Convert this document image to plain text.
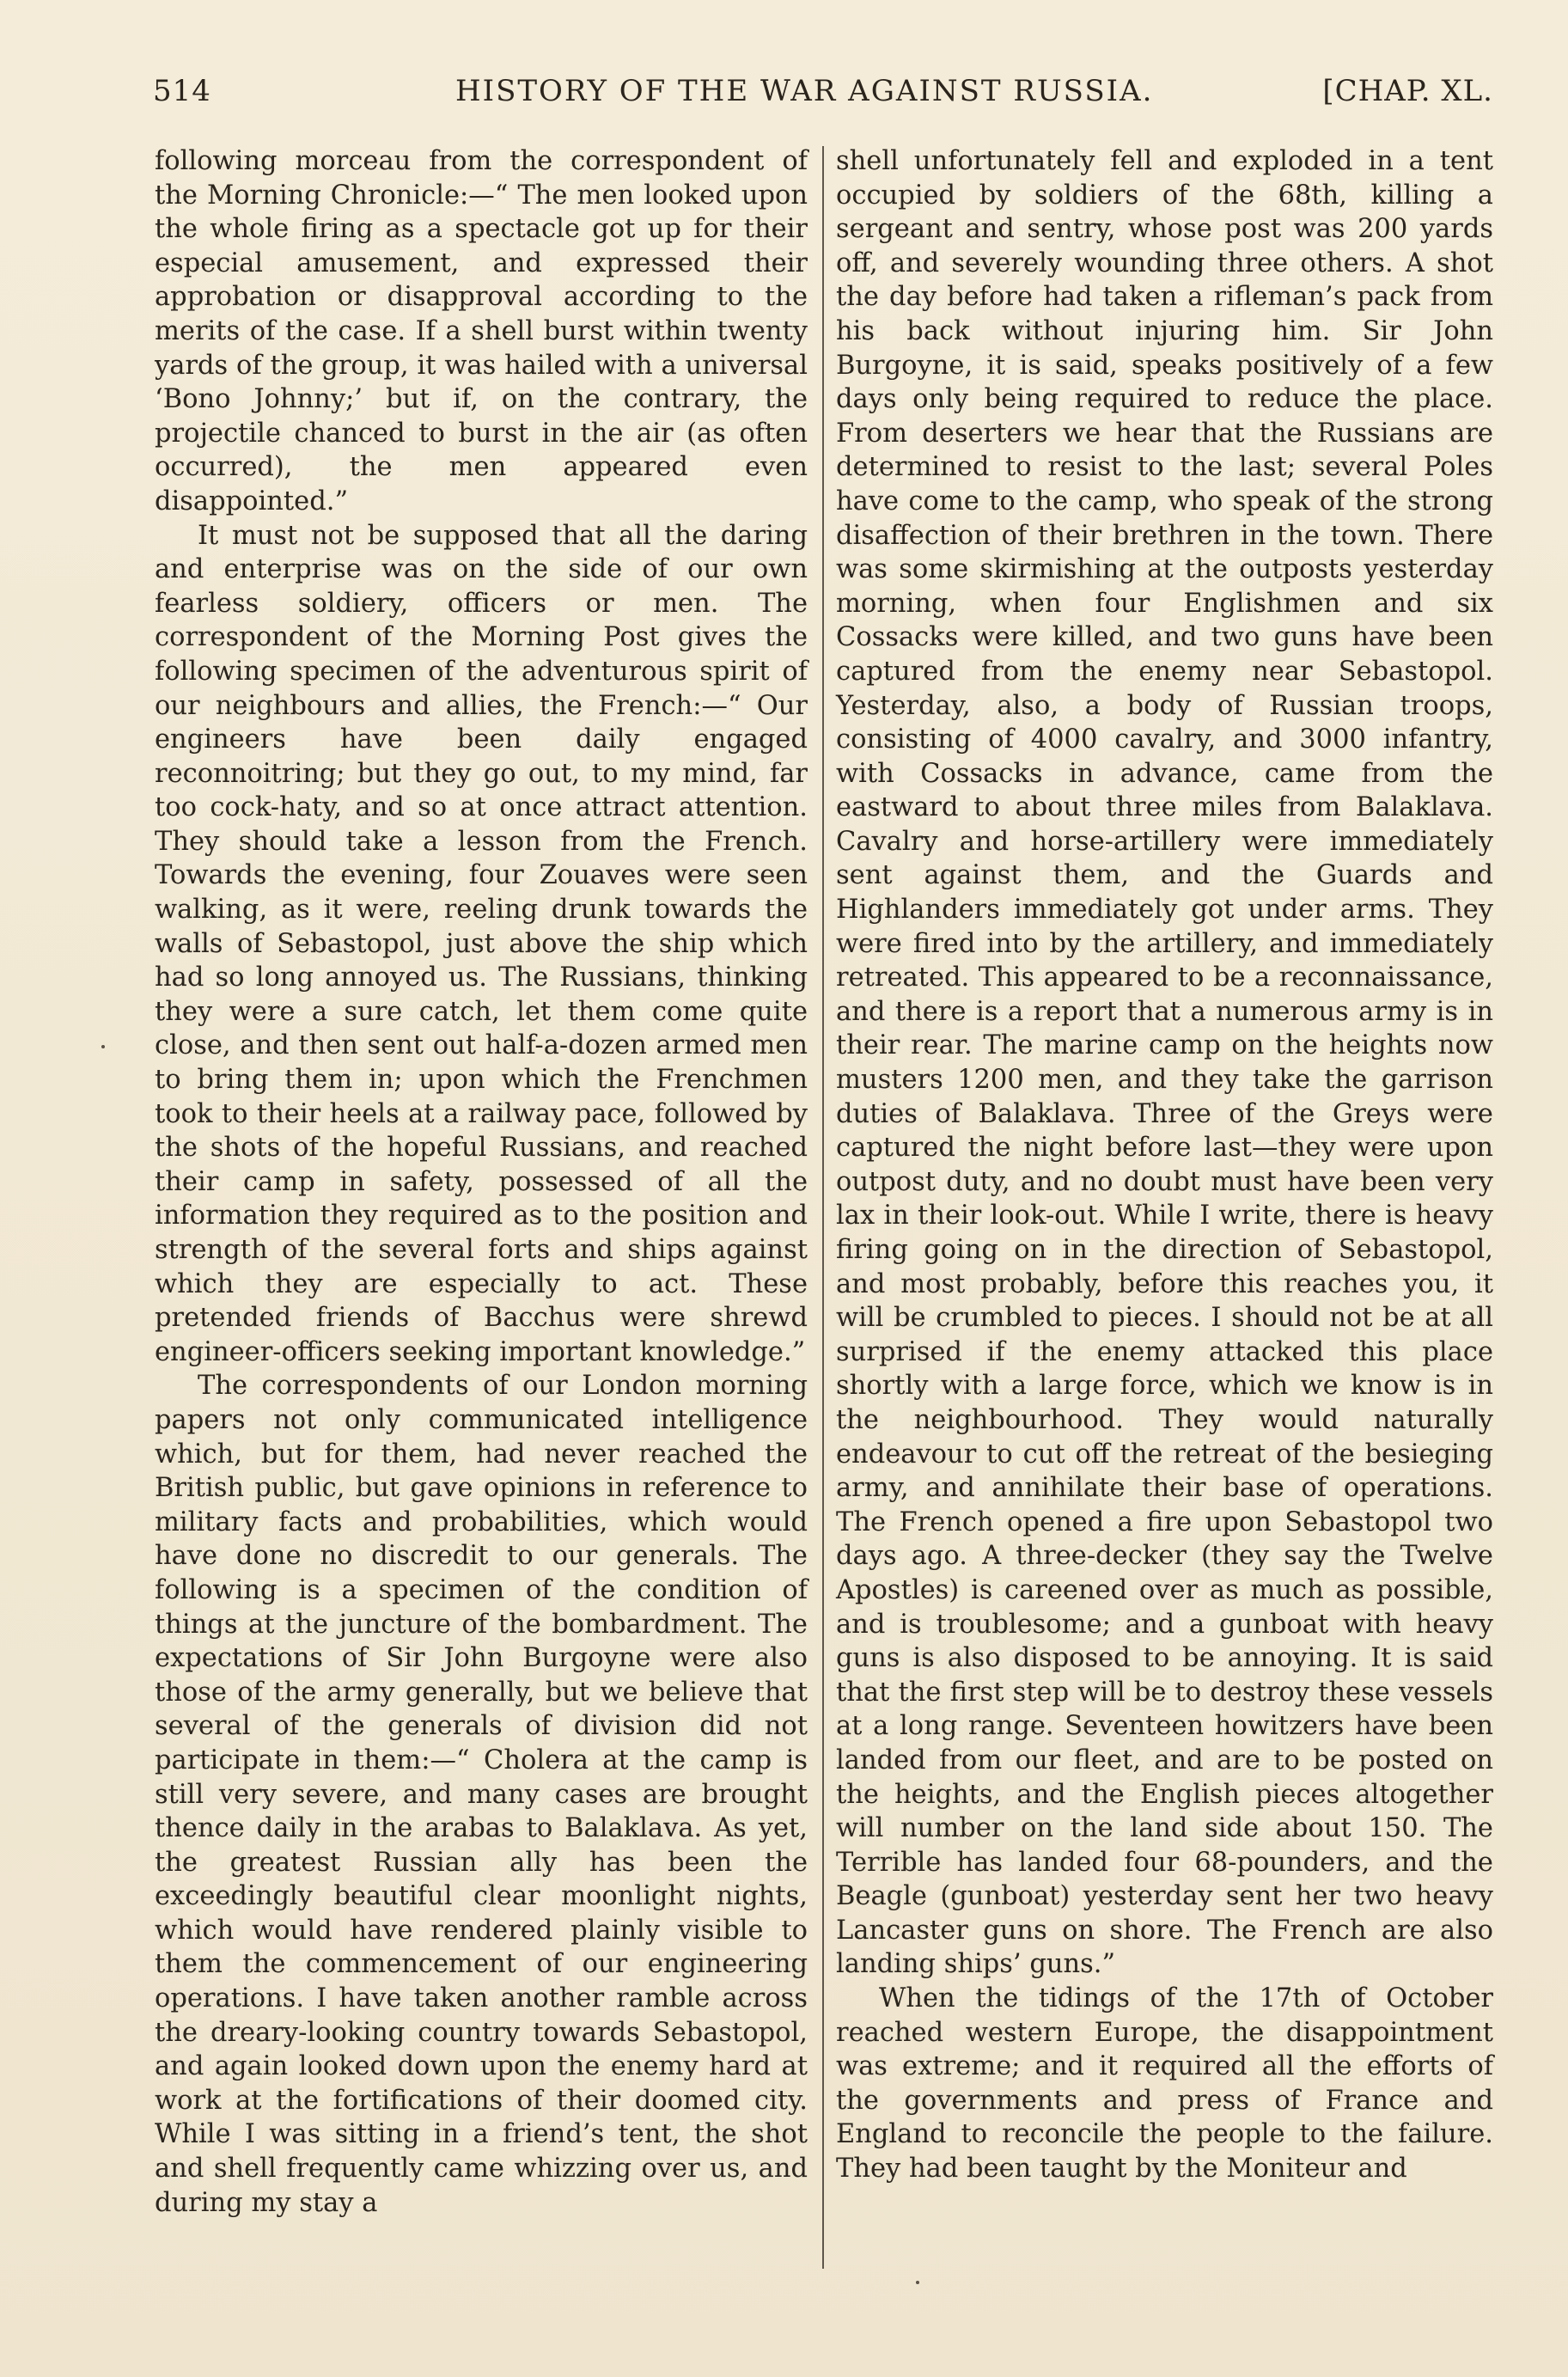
514	HISTORY OF THE WAR AGAINST RUSSIA.	[CHAP. XL.

following morceau from the correspondent of the Morning Chronicle:—“ The men looked upon the whole firing as a spectacle got up for their especial amusement, and expressed their approbation or disapproval according to the merits of the case. If a shell burst within twenty yards of the group, it was hailed with a universal ‘Bono Johnny;’ but if, on the contrary, the projectile chanced to burst in the air (as often occurred), the men appeared even disappointed.”

It must not be supposed that all the daring and enterprise was on the side of our own fearless soldiery, officers or men. The correspondent of the Morning Post gives the following specimen of the adventurous spirit of our neighbours and allies, the French:—“ Our engineers have been daily engaged reconnoitring; but they go out, to my mind, far too cock-haty, and so at once attract attention. They should take a lesson from the French. Towards the evening, four Zouaves were seen walking, as it were, reeling drunk towards the walls of Sebastopol, just above the ship which had so long annoyed us. The Russians, thinking they were a sure catch, let them come quite close, and then sent out half-a-dozen armed men to bring them in; upon which the Frenchmen took to their heels at a railway pace, followed by the shots of the hopeful Russians, and reached their camp in safety, possessed of all the information they required as to the position and strength of the several forts and ships against which they are especially to act. These pretended friends of Bacchus were shrewd engineer-officers seeking important knowledge.”

The correspondents of our London morning papers not only communicated intelligence which, but for them, had never reached the British public, but gave opinions in reference to military facts and probabilities, which would have done no discredit to our generals. The following is a specimen of the condition of things at the juncture of the bombardment. The expectations of Sir John Burgoyne were also those of the army generally, but we believe that several of the generals of division did not participate in them:—“ Cholera at the camp is still very severe, and many cases are brought thence daily in the arabas to Balaklava. As yet, the greatest Russian ally has been the exceedingly beautiful clear moonlight nights, which would have rendered plainly visible to them the commencement of our engineering operations. I have taken another ramble across the dreary-looking country towards Sebastopol, and again looked down upon the enemy hard at work at the fortifications of their doomed city. While I was sitting in a friend’s tent, the shot and shell frequently came whizzing over us, and during my stay a

shell unfortunately fell and exploded in a tent occupied by soldiers of the 68th, killing a sergeant and sentry, whose post was 200 yards off, and severely wounding three others. A shot the day before had taken a rifleman’s pack from his back without injuring him. Sir John Burgoyne, it is said, speaks positively of a few days only being required to reduce the place. From deserters we hear that the Russians are determined to resist to the last; several Poles have come to the camp, who speak of the strong disaffection of their brethren in the town. There was some skirmishing at the outposts yesterday morning, when four Englishmen and six Cossacks were killed, and two guns have been captured from the enemy near Sebastopol. Yesterday, also, a body of Russian troops, consisting of 4000 cavalry, and 3000 infantry, with Cossacks in advance, came from the eastward to about three miles from Balaklava. Cavalry and horse-artillery were immediately sent against them, and the Guards and Highlanders immediately got under arms. They were fired into by the artillery, and immediately retreated. This appeared to be a reconnaissance, and there is a report that a numerous army is in their rear. The marine camp on the heights now musters 1200 men, and they take the garrison duties of Balaklava. Three of the Greys were captured the night before last—they were upon outpost duty, and no doubt must have been very lax in their look-out. While I write, there is heavy firing going on in the direction of Sebastopol, and most probably, before this reaches you, it will be crumbled to pieces. I should not be at all surprised if the enemy attacked this place shortly with a large force, which we know is in the neighbourhood. They would naturally endeavour to cut off the retreat of the besieging army, and annihilate their base of operations. The French opened a fire upon Sebastopol two days ago. A three-decker (they say the Twelve Apostles) is careened over as much as possible, and is troublesome; and a gunboat with heavy guns is also disposed to be annoying. It is said that the first step will be to destroy these vessels at a long range. Seventeen howitzers have been landed from our fleet, and are to be posted on the heights, and the English pieces altogether will number on the land side about 150. The Terrible has landed four 68-pounders, and the Beagle (gunboat) yesterday sent her two heavy Lancaster guns on shore. The French are also landing ships’ guns.”

When the tidings of the 17th of October reached western Europe, the disappointment was extreme; and it required all the efforts of the governments and press of France and England to reconcile the people to the failure. They had been taught by the Moniteur and
